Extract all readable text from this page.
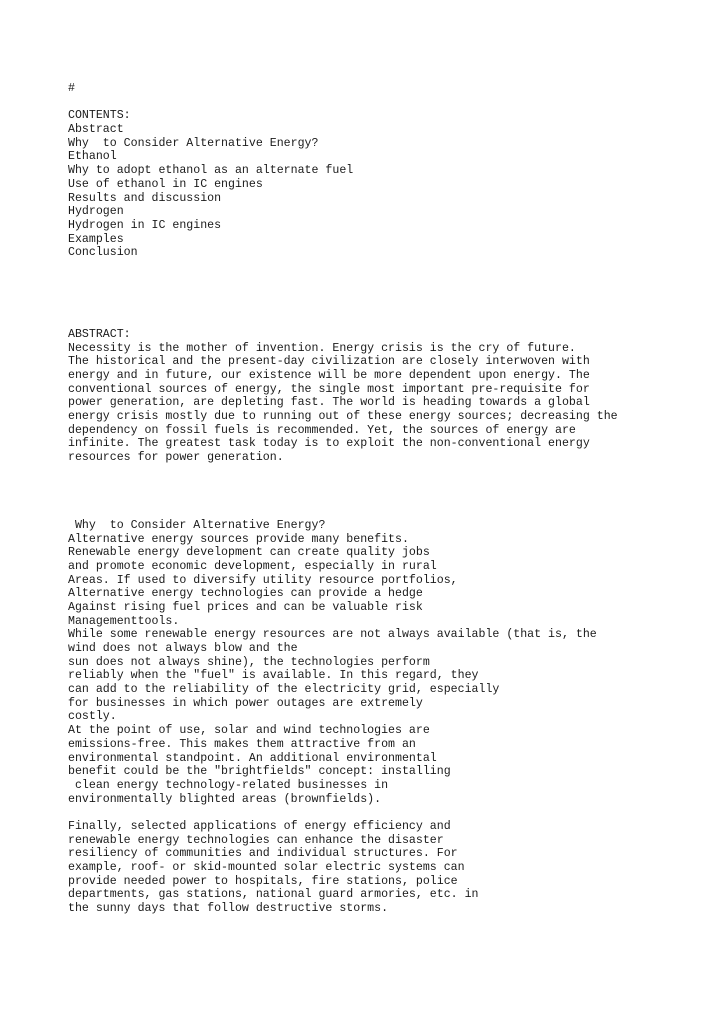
#
CONTENTS:
Abstract
Why  to Consider Alternative Energy?
Ethanol
Why to adopt ethanol as an alternate fuel
Use of ethanol in IC engines
Results and discussion
Hydrogen
Hydrogen in IC engines
Examples
Conclusion
ABSTRACT:
Necessity is the mother of invention. Energy crisis is the cry of future.
The historical and the present-day civilization are closely interwoven with
energy and in future, our existence will be more dependent upon energy. The
conventional sources of energy, the single most important pre-requisite for
power generation, are depleting fast. The world is heading towards a global
energy crisis mostly due to running out of these energy sources; decreasing the
dependency on fossil fuels is recommended. Yet, the sources of energy are
infinite. The greatest task today is to exploit the non-conventional energy
resources for power generation.
Why  to Consider Alternative Energy?
Alternative energy sources provide many benefits.
Renewable energy development can create quality jobs
and promote economic development, especially in rural
Areas. If used to diversify utility resource portfolios,
Alternative energy technologies can provide a hedge
Against rising fuel prices and can be valuable risk
Managementtools.
While some renewable energy resources are not always available (that is, the
wind does not always blow and the
sun does not always shine), the technologies perform
reliably when the "fuel" is available. In this regard, they
can add to the reliability of the electricity grid, especially
for businesses in which power outages are extremely
costly.
At the point of use, solar and wind technologies are
emissions-free. This makes them attractive from an
environmental standpoint. An additional environmental
benefit could be the "brightfields" concept: installing
clean energy technology-related businesses in
environmentally blighted areas (brownfields).
Finally, selected applications of energy efficiency and
renewable energy technologies can enhance the disaster
resiliency of communities and individual structures. For
example, roof- or skid-mounted solar electric systems can
provide needed power to hospitals, fire stations, police
departments, gas stations, national guard armories, etc. in
the sunny days that follow destructive storms.
